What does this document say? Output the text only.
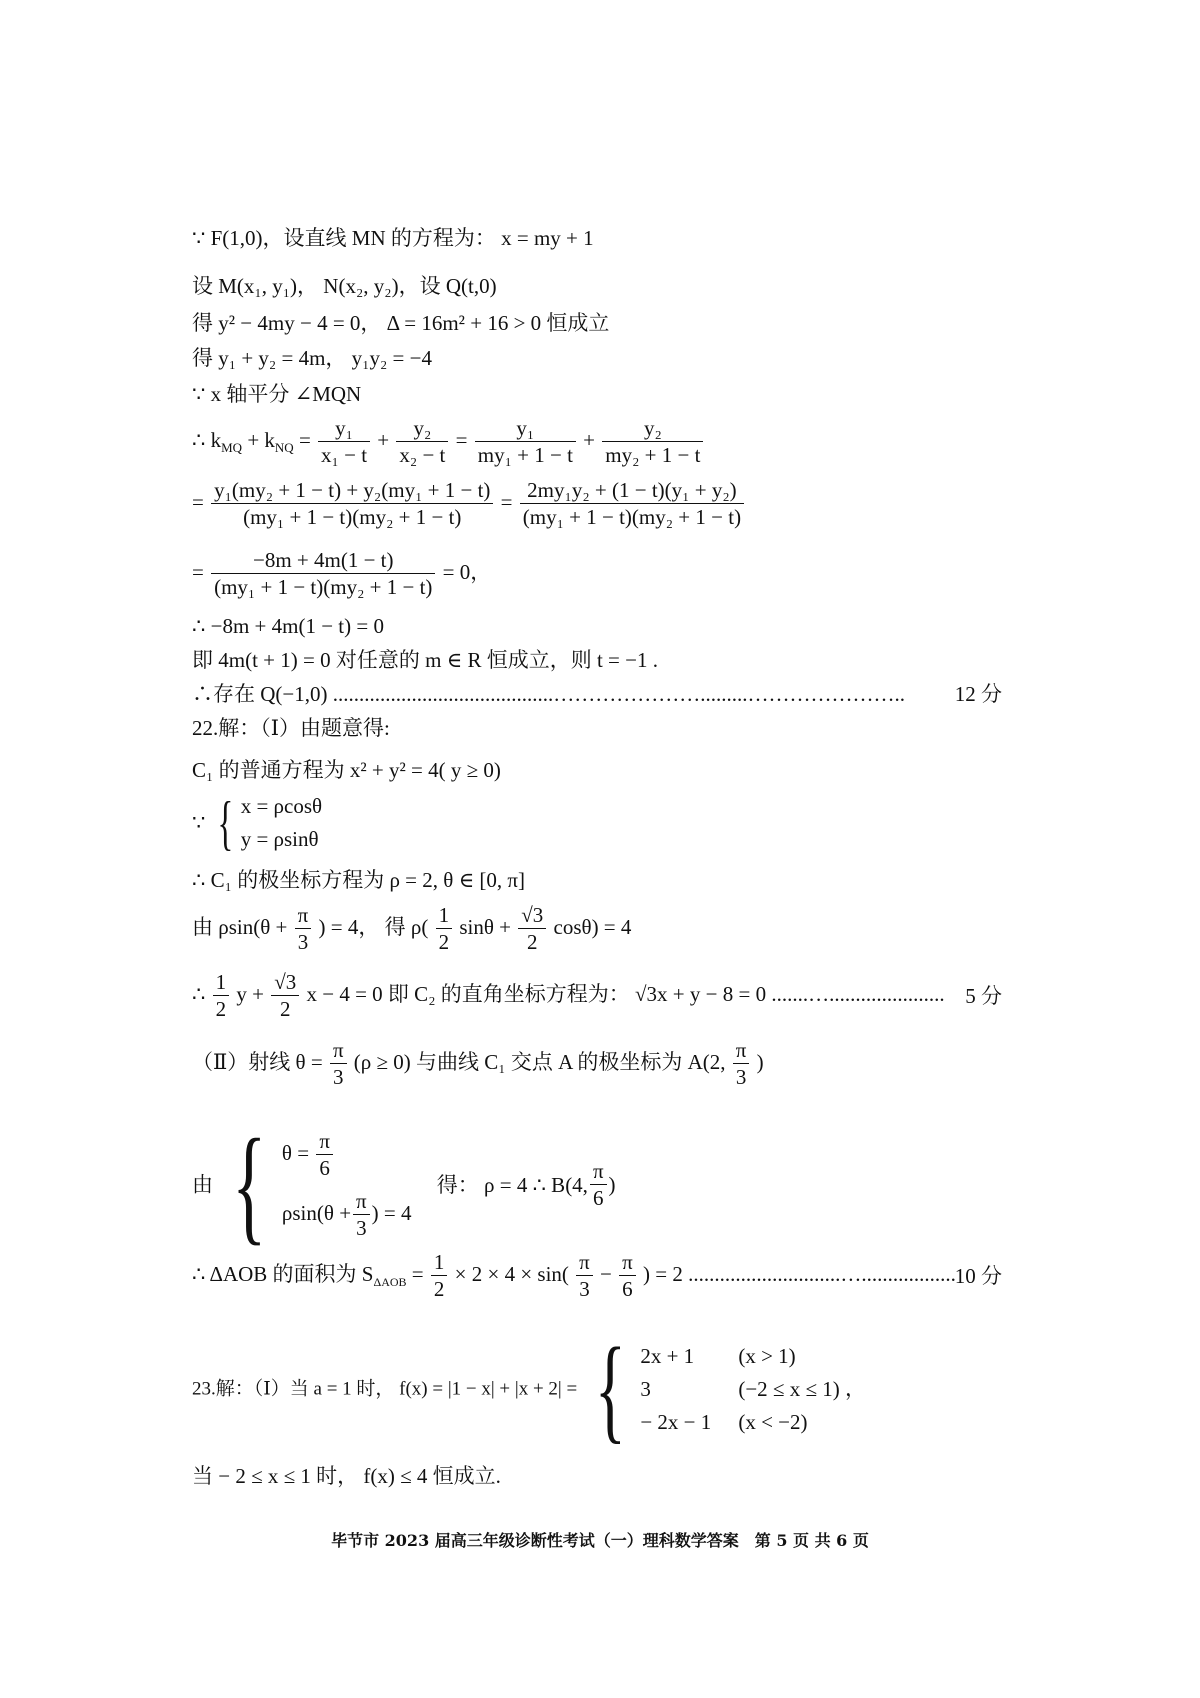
∵ F(1,0)，设直线 MN 的方程为： x = my + 1
设 M(x₁, y₁)， N(x₂, y₂)，设 Q(t,0)
得 y² − 4my − 4 = 0， Δ = 16m² + 16 > 0 恒成立
得 y₁ + y₂ = 4m， y₁y₂ = −4
∵ x 轴平分 ∠MQN
∴ $k_{MQ} + k_{NQ} = \frac{\text{y₁}}{\text{x₁ − t}} + \frac{\text{y₂}}{\text{x₂ − t}} = \frac{\text{y₁}}{\text{my₁ + 1 − t}} + \frac{\text{y₂}}{\text{my₂ + 1 − t}}$
= $\frac{\text{y₁(my₂ + 1 − t) + y₂(my₁ + 1 − t)}}{\text{(my₁ + 1 − t)(my₂ + 1 − t)}} = \frac{\text{2my₁y₂ + (1 − t)(y₁ + y₂)}}{\text{(my₁ + 1 − t)(my₂ + 1 − t)}}$
= $\frac{-8m + 4m(1 - t)}{\text{(my₁ + 1 − t)(my₂ + 1 − t)}} = 0$，
∴ −8m + 4m(1 − t) = 0
即 4m(t + 1) = 0 对任意的 m ∈ R 恒成立，则 t = −1 .
∴存在 Q(−1,0) ..........................................………………….........………………….. 12 分
22.解：（Ⅰ）由题意得:
C₁ 的普通方程为 x² + y² = 4( y ≥ 0)
∵ { x = ρcosθ
y = ρsinθ
∴ C₁ 的极坐标方程为 ρ = 2, θ ∈ [0, π]
由 $\rho\sin(\theta + \frac{\pi}{3}$ ) = 4， 得 $\rho( \frac{1}{2}$ $\sin\theta + \frac{√3}{2} \cos\theta) = 4$
∴ $\frac{1}{2}$ $y + \frac{√3}{2}$ x − 4 = 0 即 C₂ 的直角坐标方程为： √3x + y − 8 = 0 .......…...................... 5 分
（Ⅱ）射线 $\theta = \frac{\pi}{3} (\rho \ge 0)$ 与曲线 C₁ 交点 A 的极坐标为 A(2, $\frac{\pi}{3}$ )
由 { $\theta = \frac{\pi}{6}$
$\rho\sin(\theta + \frac{\pi}{3}$ ) = 4
得： ρ = 4 ∴ B(4, $\frac{\pi}{6}$ )
∴ ΔAOB 的面积为 $S_{\Delta AOB} = \frac{1}{2} \times 2 \times 4 \times \sin( \frac{\pi}{3} - \frac{\pi}{6}$ ) = 2 .............................…..................
10 分
23.解：（Ⅰ）当 a = 1 时， f(x) = |1 − x| + |x + 2| = { 2x + 1 (x > 1)
3	(−2 ≤ x ≤ 1)
− 2x − 1 (x < −2)
，
当 − 2 ≤ x ≤ 1 时， f(x) ≤ 4 恒成立.
毕节市 2023 届高三年级诊断性考试（一）理科数学答案　第 5 页 共 6 页
